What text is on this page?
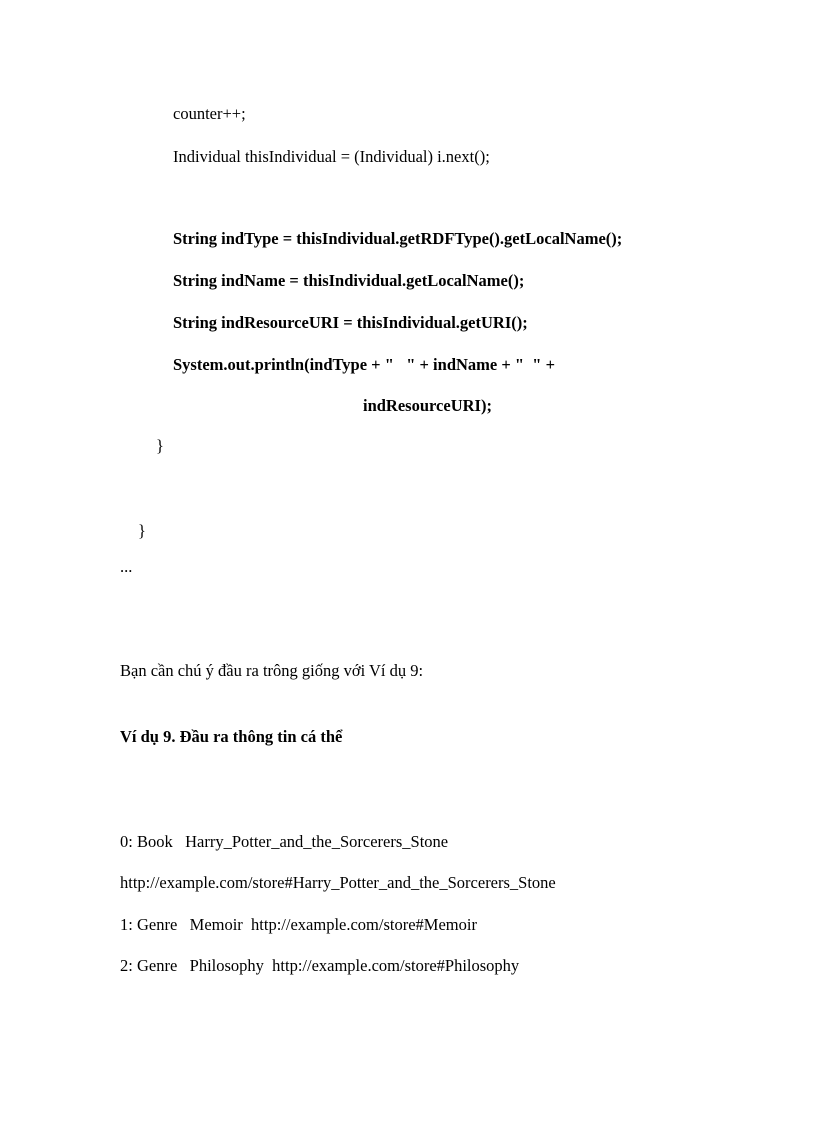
counter++;
Individual thisIndividual = (Individual) i.next();
String indType = thisIndividual.getRDFType().getLocalName();
String indName = thisIndividual.getLocalName();
String indResourceURI = thisIndividual.getURI();
System.out.println(indType + "   " + indName + "  " +
indResourceURI);
}
}
...
Bạn cần chú ý đầu ra trông giống với Ví dụ 9:
Ví dụ 9. Đầu ra thông tin cá thể
0: Book   Harry_Potter_and_the_Sorcerers_Stone
http://example.com/store#Harry_Potter_and_the_Sorcerers_Stone
1: Genre   Memoir  http://example.com/store#Memoir
2: Genre   Philosophy  http://example.com/store#Philosophy
